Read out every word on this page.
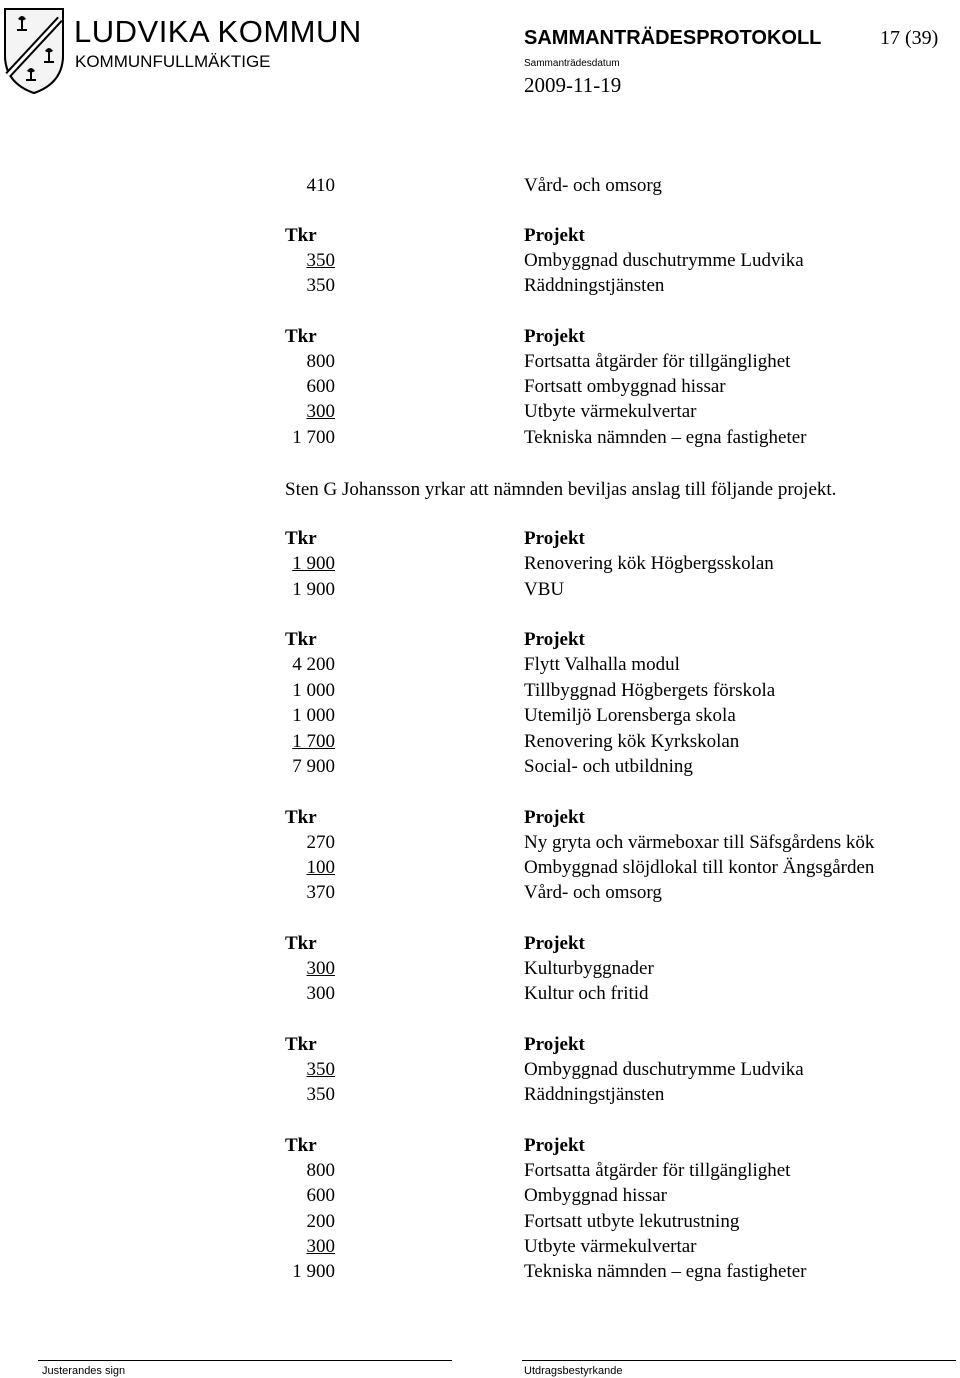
LUDVIKA KOMMUN
KOMMUNFULLMÄKTIGE
SAMMANTRÄDESPROTOKOLL	17 (39)
Sammanträdesdatum
2009-11-19
410	Vård- och omsorg
Tkr	Projekt
350	Ombyggnad duschutrymme Ludvika
350	Räddningstjänsten
Tkr	Projekt
800	Fortsatta åtgärder för tillgänglighet
600	Fortsatt ombyggnad hissar
300	Utbyte värmekulvertar
1 700	Tekniska nämnden – egna fastigheter
Sten G Johansson yrkar att nämnden beviljas anslag till följande projekt.
Tkr	Projekt
1 900	Renovering kök Högbergsskolan
1 900	VBU
Tkr	Projekt
4 200	Flytt Valhalla modul
1 000	Tillbyggnad Högbergets förskola
1 000	Utemiljö Lorensberga skola
1 700	Renovering kök Kyrkskolan
7 900	Social- och utbildning
Tkr	Projekt
270	Ny gryta och värmeboxar till Säfsgårdens kök
100	Ombyggnad slöjdlokal till kontor Ängsgården
370	Vård- och omsorg
Tkr	Projekt
300	Kulturbyggnader
300	Kultur och fritid
Tkr	Projekt
350	Ombyggnad duschutrymme Ludvika
350	Räddningstjänsten
Tkr	Projekt
800	Fortsatta åtgärder för tillgänglighet
600	Ombyggnad hissar
200	Fortsatt utbyte lekutrustning
300	Utbyte värmekulvertar
1 900	Tekniska nämnden – egna fastigheter
Justerandes sign	Utdragsbestyrkande
